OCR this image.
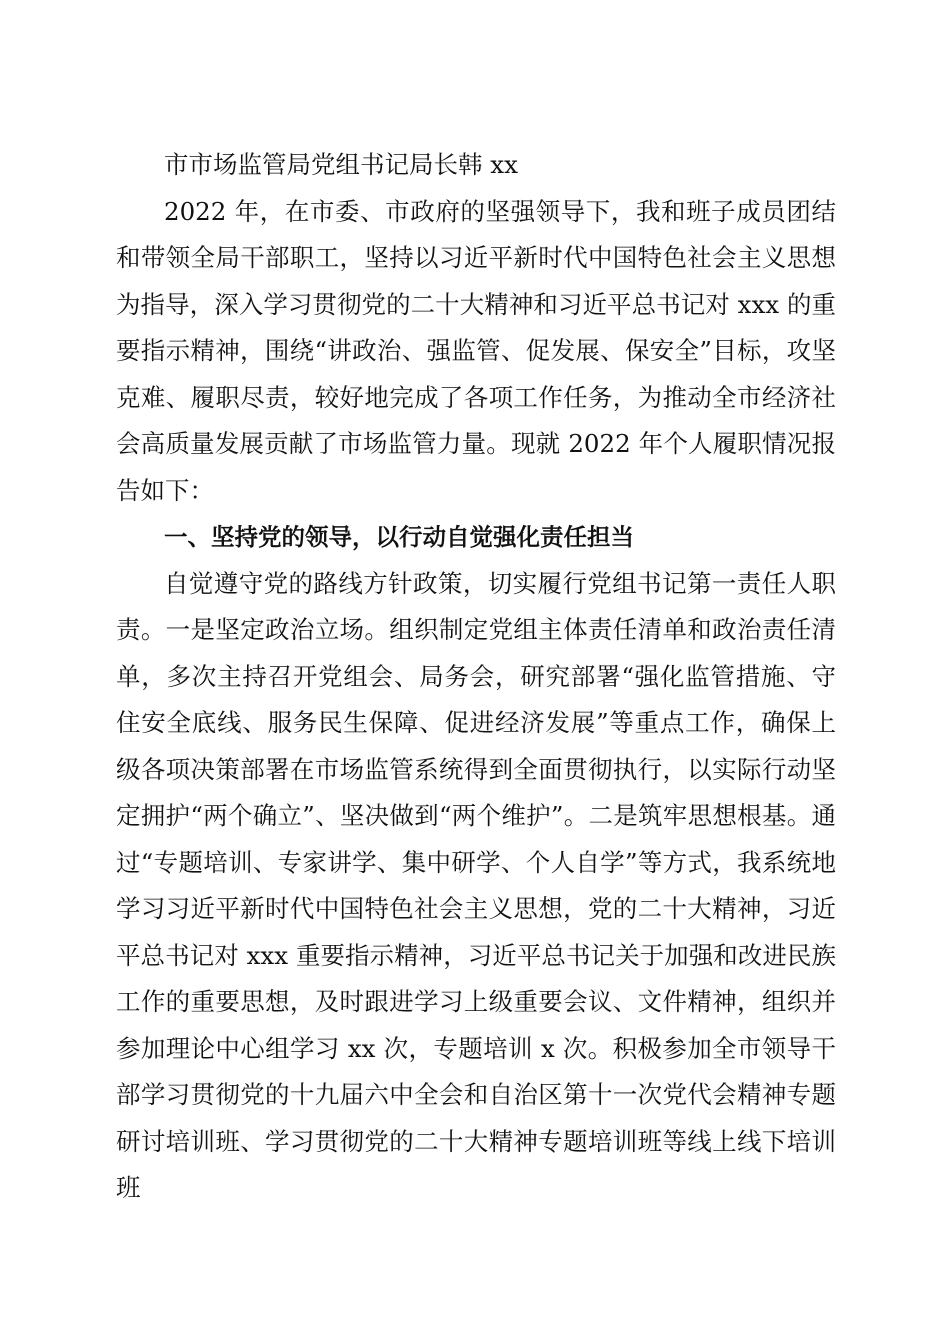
市市场监管局党组书记局长韩 xx

2022 年，在市委、市政府的坚强领导下，我和班子成员团结和带领全局干部职工，坚持以习近平新时代中国特色社会主义思想为指导，深入学习贯彻党的二十大精神和习近平总书记对 xxx 的重要指示精神，围绕“讲政治、强监管、促发展、保安全”目标，攻坚克难、履职尽责，较好地完成了各项工作任务，为推动全市经济社会高质量发展贡献了市场监管力量。现就 2022 年个人履职情况报告如下：

一、坚持党的领导，以行动自觉强化责任担当

自觉遵守党的路线方针政策，切实履行党组书记第一责任人职责。一是坚定政治立场。组织制定党组主体责任清单和政治责任清单，多次主持召开党组会、局务会，研究部署“强化监管措施、守住安全底线、服务民生保障、促进经济发展”等重点工作，确保上级各项决策部署在市场监管系统得到全面贯彻执行，以实际行动坚定拥护“两个确立”、坚决做到“两个维护”。二是筑牢思想根基。通过“专题培训、专家讲学、集中研学、个人自学”等方式，我系统地学习习近平新时代中国特色社会主义思想，党的二十大精神，习近平总书记对 xxx 重要指示精神，习近平总书记关于加强和改进民族工作的重要思想，及时跟进学习上级重要会议、文件精神，组织并参加理论中心组学习 xx 次，专题培训 x 次。积极参加全市领导干部学习贯彻党的十九届六中全会和自治区第十一次党代会精神专题研讨培训班、学习贯彻党的二十大精神专题培训班等线上线下培训班
